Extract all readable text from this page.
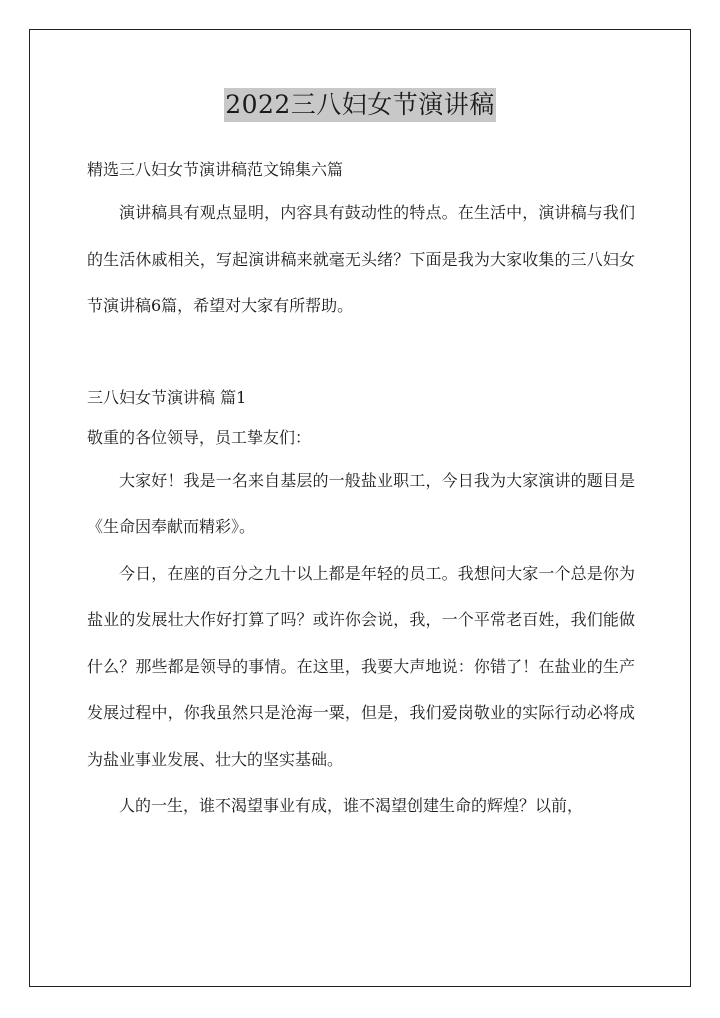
2022三八妇女节演讲稿
精选三八妇女节演讲稿范文锦集六篇

演讲稿具有观点显明，内容具有鼓动性的特点。在生活中，演讲稿与我们的生活休戚相关，写起演讲稿来就毫无头绪？下面是我为大家收集的三八妇女节演讲稿6篇，希望对大家有所帮助。

三八妇女节演讲稿 篇1
敬重的各位领导，员工挚友们：

大家好！我是一名来自基层的一般盐业职工，今日我为大家演讲的题目是《生命因奉献而精彩》。

今日，在座的百分之九十以上都是年轻的员工。我想问大家一个总是你为盐业的发展壮大作好打算了吗？或许你会说，我，一个平常老百姓，我们能做什么？那些都是领导的事情。在这里，我要大声地说：你错了！在盐业的生产发展过程中，你我虽然只是沧海一粟，但是，我们爱岗敬业的实际行动必将成为盐业事业发展、壮大的坚实基础。

人的一生，谁不渴望事业有成，谁不渴望创建生命的辉煌？以前，
